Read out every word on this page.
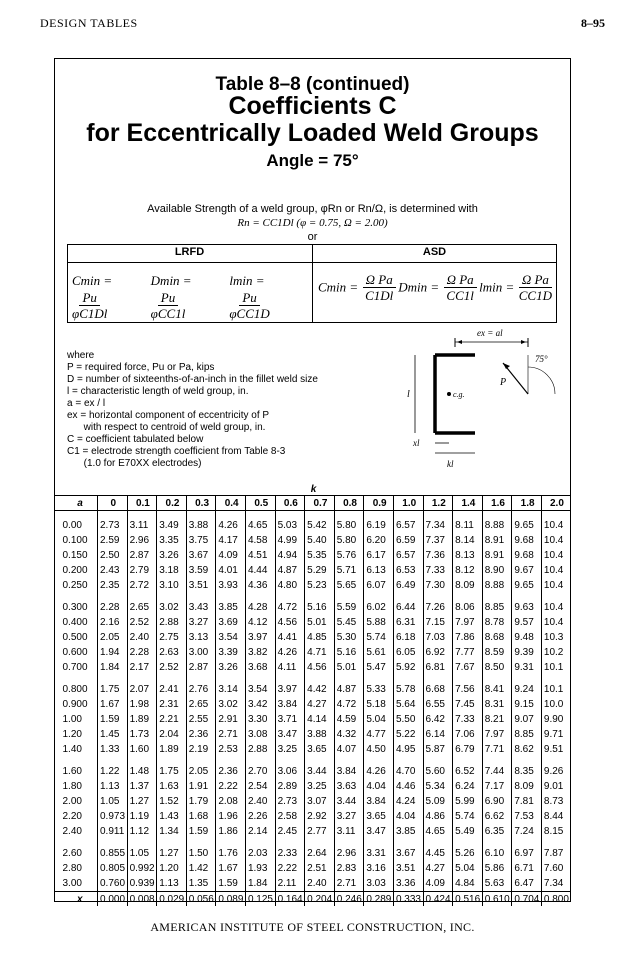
DESIGN TABLES	8–95
Table 8–8 (continued)
Coefficients C
for Eccentrically Loaded Weld Groups
Angle = 75°
Available Strength of a weld group, φRn or Rn/Ω, is determined with
Rn = CC1Dl (φ = 0.75, Ω = 2.00)
or
LRFD	ASD
Cmin =
$\frac{Pu}{\varphi C1Dl}$
Dmin =
$\frac{Pu}{\text{φCC1l}}$
lmin =
$\frac{Pu}{\text{φCC1D}}$
$Cmin = \frac{\text{Ω Pa}}{C1Dl}$ $Dmin = \frac{\text{Ω Pa}}{CC1l}$ $lmin = \frac{\text{Ω Pa}}{CC1D}$
where
P = required force, Pu or Pa, kips
D = number of sixteenths-of-an-inch in the fillet weld size
l = characteristic length of weld group, in.
a = ex / l
ex = horizontal component of eccentricity of P
with respect to centroid of weld group, in.
C = coefficient tabulated below
C1 = electrode strength coefficient from Table 8-3
(1.0 for E70XX electrodes)
ex = al
l	c.g.
75°
P
xl
kl
k																
a	0	0.1	0.2	0.3	0.4	0.5	0.6	0.7	0.8	0.9	1.0	1.2	1.4	1.6	1.8	2.0

0.00	2.73	3.11	3.49	3.88	4.26	4.65	5.03	5.42	5.80	6.19	6.57	7.34	8.11	8.88	9.65	10.4
0.100	2.59	2.96	3.35	3.75	4.17	4.58	4.99	5.40	5.80	6.20	6.59	7.37	8.14	8.91	9.68	10.4
0.150	2.50	2.87	3.26	3.67	4.09	4.51	4.94	5.35	5.76	6.17	6.57	7.36	8.13	8.91	9.68	10.4
0.200	2.43	2.79	3.18	3.59	4.01	4.44	4.87	5.29	5.71	6.13	6.53	7.33	8.12	8.90	9.67	10.4
0.250	2.35	2.72	3.10	3.51	3.93	4.36	4.80	5.23	5.65	6.07	6.49	7.30	8.09	8.88	9.65	10.4

0.300	2.28	2.65	3.02	3.43	3.85	4.28	4.72	5.16	5.59	6.02	6.44	7.26	8.06	8.85	9.63	10.4
0.400	2.16	2.52	2.88	3.27	3.69	4.12	4.56	5.01	5.45	5.88	6.31	7.15	7.97	8.78	9.57	10.4
0.500	2.05	2.40	2.75	3.13	3.54	3.97	4.41	4.85	5.30	5.74	6.18	7.03	7.86	8.68	9.48	10.3
0.600	1.94	2.28	2.63	3.00	3.39	3.82	4.26	4.71	5.16	5.61	6.05	6.92	7.77	8.59	9.39	10.2
0.700	1.84	2.17	2.52	2.87	3.26	3.68	4.11	4.56	5.01	5.47	5.92	6.81	7.67	8.50	9.31	10.1

0.800	1.75	2.07	2.41	2.76	3.14	3.54	3.97	4.42	4.87	5.33	5.78	6.68	7.56	8.41	9.24	10.1
0.900	1.67	1.98	2.31	2.65	3.02	3.42	3.84	4.27	4.72	5.18	5.64	6.55	7.45	8.31	9.15	10.0
1.00	1.59	1.89	2.21	2.55	2.91	3.30	3.71	4.14	4.59	5.04	5.50	6.42	7.33	8.21	9.07	9.90
1.20	1.45	1.73	2.04	2.36	2.71	3.08	3.47	3.88	4.32	4.77	5.22	6.14	7.06	7.97	8.85	9.71
1.40	1.33	1.60	1.89	2.19	2.53	2.88	3.25	3.65	4.07	4.50	4.95	5.87	6.79	7.71	8.62	9.51

1.60	1.22	1.48	1.75	2.05	2.36	2.70	3.06	3.44	3.84	4.26	4.70	5.60	6.52	7.44	8.35	9.26
1.80	1.13	1.37	1.63	1.91	2.22	2.54	2.89	3.25	3.63	4.04	4.46	5.34	6.24	7.17	8.09	9.01
2.00	1.05	1.27	1.52	1.79	2.08	2.40	2.73	3.07	3.44	3.84	4.24	5.09	5.99	6.90	7.81	8.73
2.20	0.973	1.19	1.43	1.68	1.96	2.26	2.58	2.92	3.27	3.65	4.04	4.86	5.74	6.62	7.53	8.44
2.40	0.911	1.12	1.34	1.59	1.86	2.14	2.45	2.77	3.11	3.47	3.85	4.65	5.49	6.35	7.24	8.15

2.60	0.855	1.05	1.27	1.50	1.76	2.03	2.33	2.64	2.96	3.31	3.67	4.45	5.26	6.10	6.97	7.87
2.80	0.805	0.992	1.20	1.42	1.67	1.93	2.22	2.51	2.83	3.16	3.51	4.27	5.04	5.86	6.71	7.60
3.00	0.760	0.939	1.13	1.35	1.59	1.84	2.11	2.40	2.71	3.03	3.36	4.09	4.84	5.63	6.47	7.34
x	0.000	0.008	0.029	0.056	0.089	0.125	0.164	0.204	0.246	0.289	0.333	0.424	0.516	0.610	0.704	0.800
AMERICAN INSTITUTE OF STEEL CONSTRUCTION, INC.
